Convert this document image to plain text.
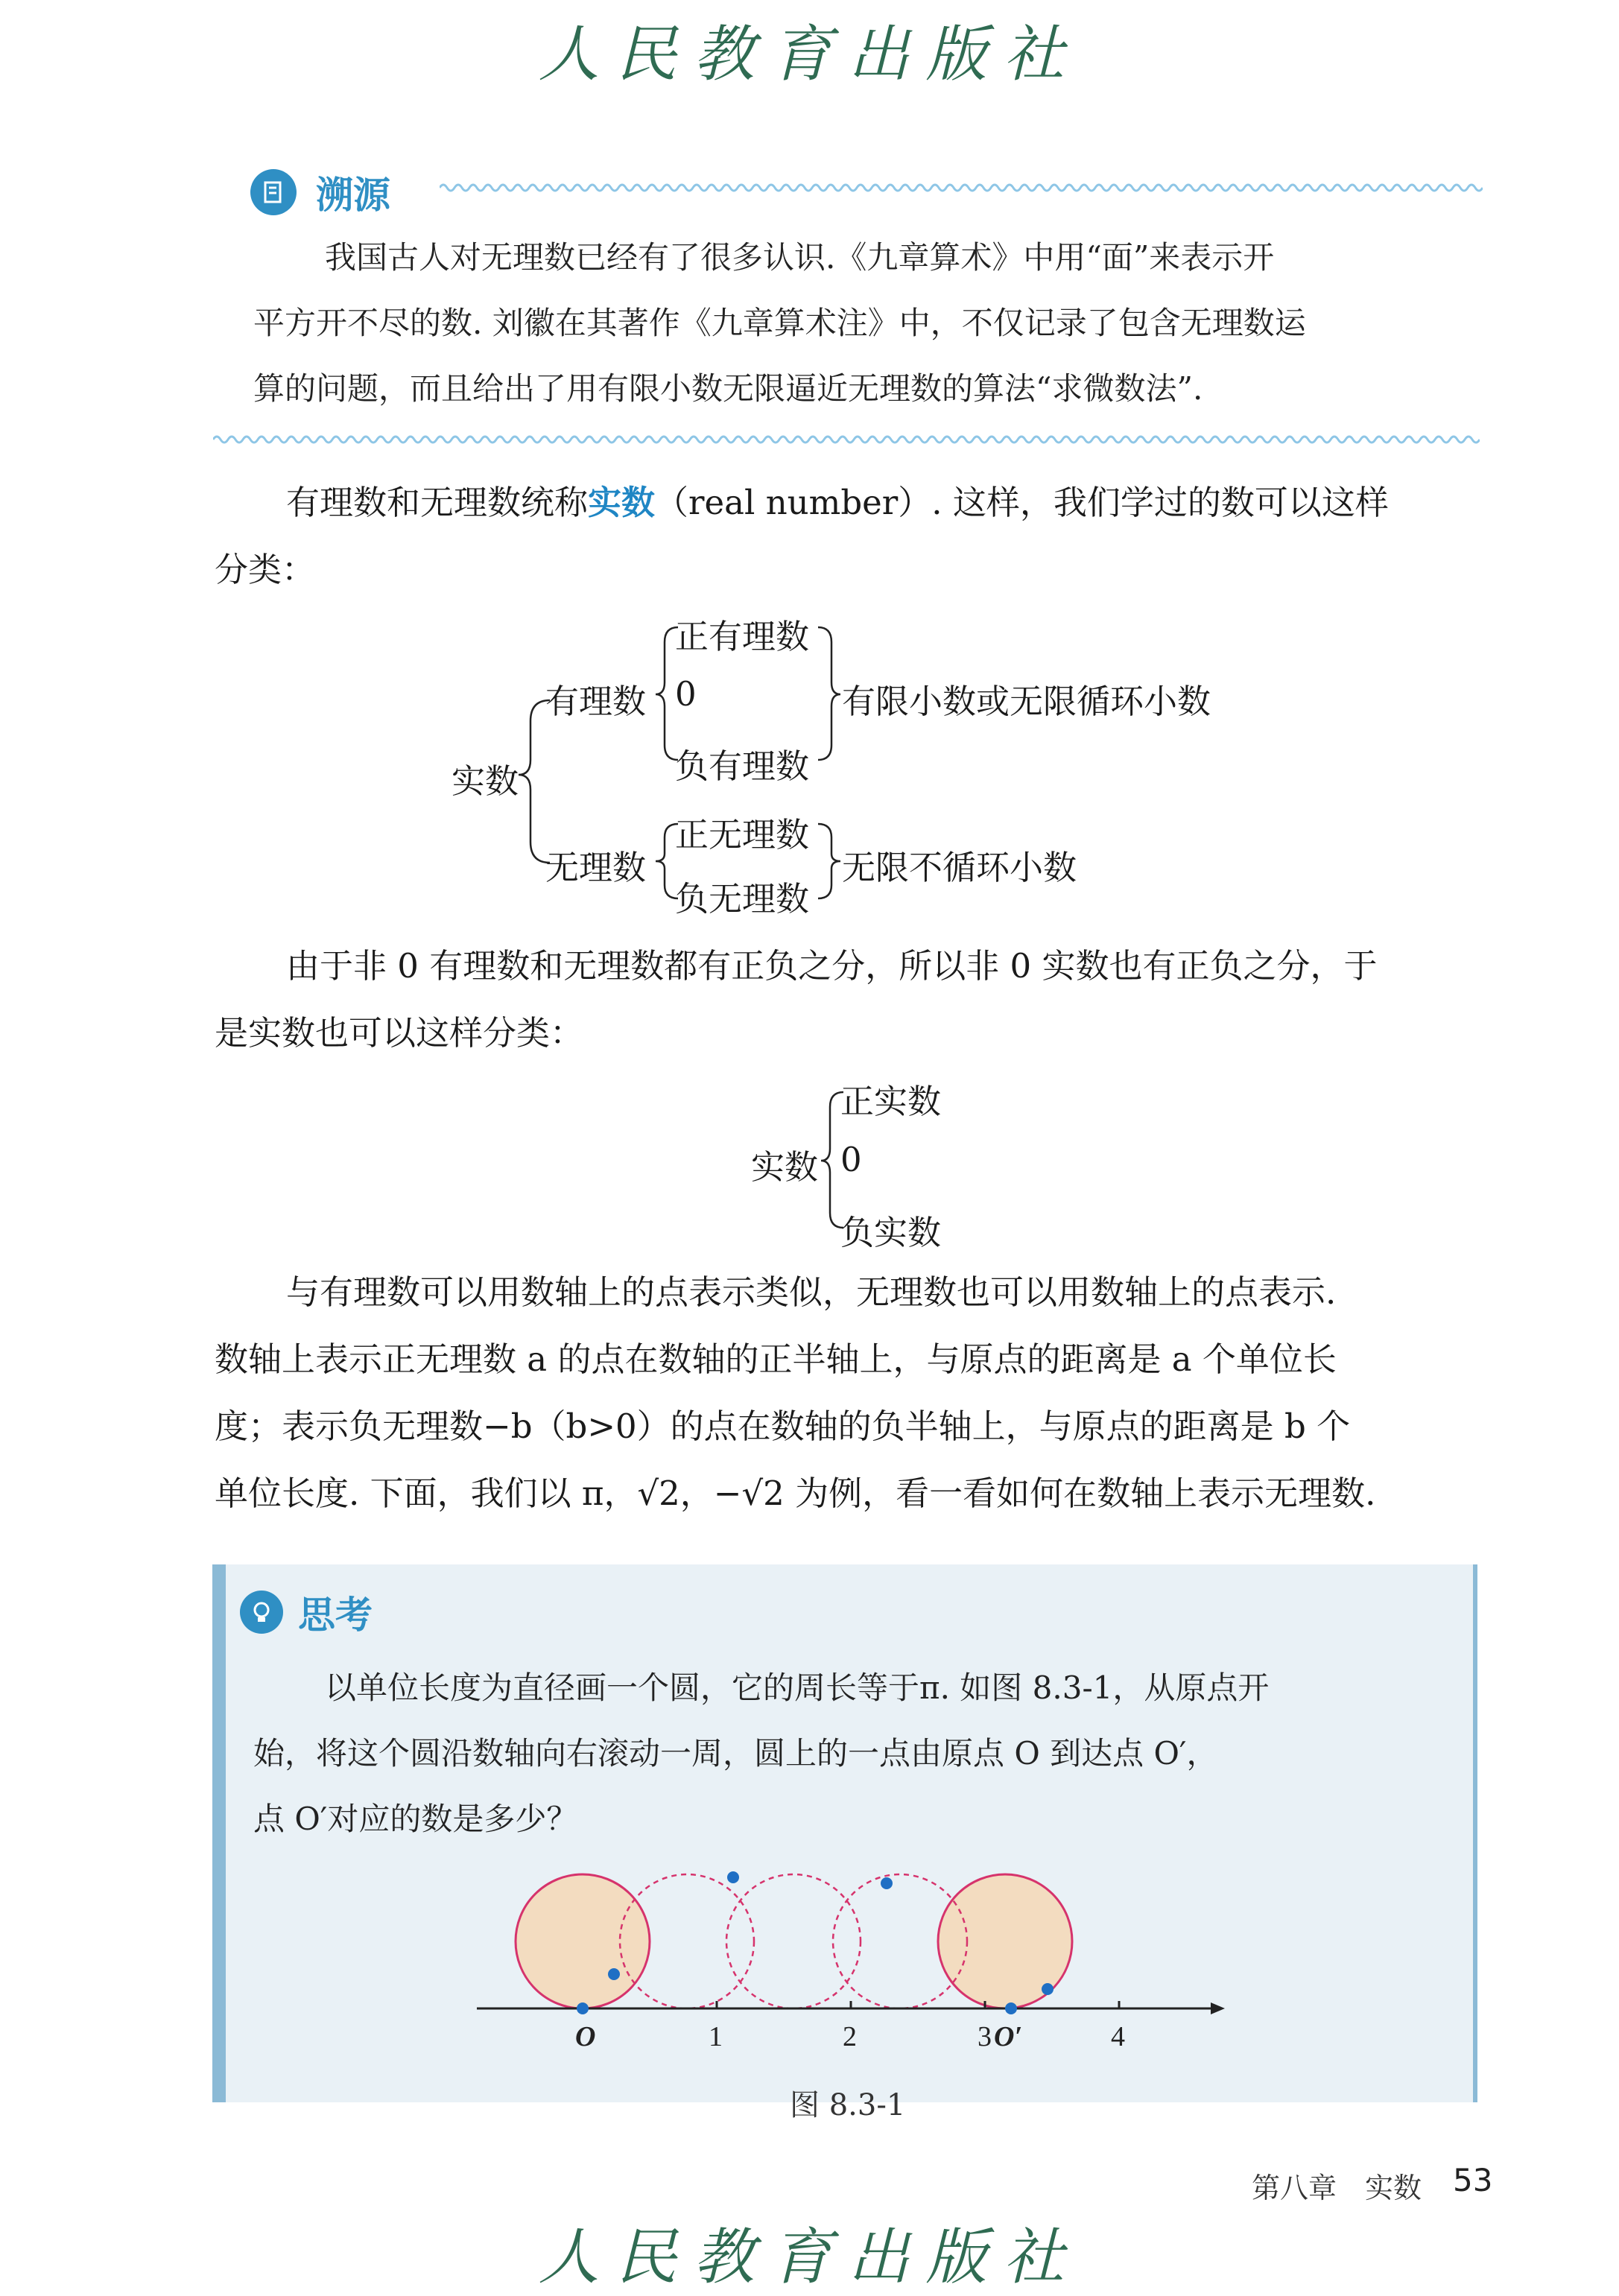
人民教育出版社
溯源

我国古人对无理数已经有了很多认识.《九章算术》中用“面”来表示开

平方开不尽的数. 刘徽在其著作《九章算术注》中，不仅记录了包含无理数运

算的问题，而且给出了用有限小数无限逼近无理数的算法“求微数法”.

有理数和无理数统称实数（real number）. 这样，我们学过的数可以这样

分类：

实数
有理数
正有理数
0
负有理数
有限小数或无限循环小数
无理数
正无理数
负无理数
无限不循环小数

由于非 0 有理数和无理数都有正负之分，所以非 0 实数也有正负之分，于

是实数也可以这样分类：

实数
正实数
0
负实数

与有理数可以用数轴上的点表示类似，无理数也可以用数轴上的点表示.

数轴上表示正无理数 a 的点在数轴的正半轴上，与原点的距离是 a 个单位长

度；表示负无理数−b（b>0）的点在数轴的负半轴上，与原点的距离是 b 个

单位长度. 下面，我们以 π，√2，−√2 为例，看一看如何在数轴上表示无理数.

思考

以单位长度为直径画一个圆，它的周长等于π. 如图 8.3-1，从原点开

始，将这个圆沿数轴向右滚动一周，圆上的一点由原点 O 到达点 O′，

点 O′对应的数是多少？

O	1	2	3 O′	4
图 8.3-1
第八章　实数 53
人民教育出版社
